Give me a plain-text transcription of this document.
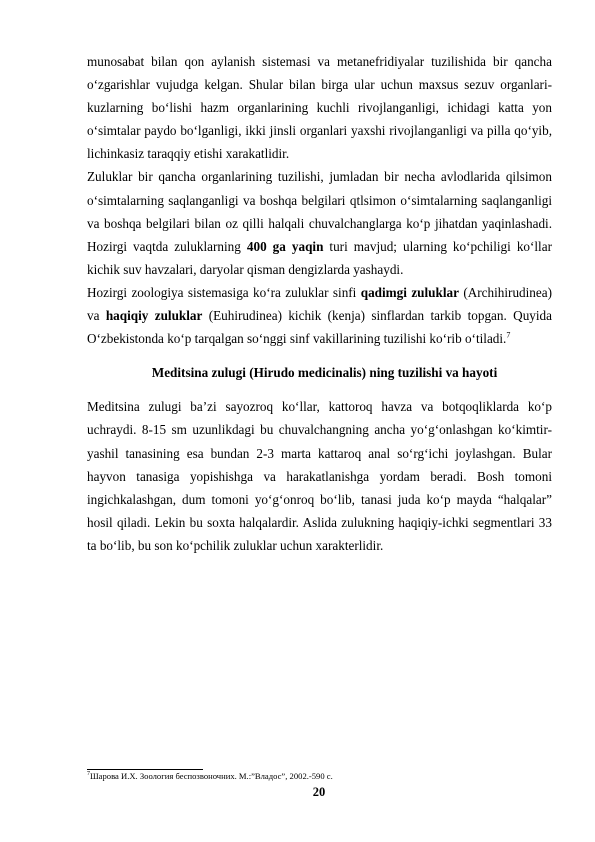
munosabat bilan qon aylanish sistemasi va metanefridiyalar tuzilishida bir qancha o‘zgarishlar vujudga kelgan. Shular bilan birga ular uchun maxsus sezuv organlari-kuzlarning bo‘lishi hazm organlarining kuchli rivojlanganligi, ichidagi katta yon o‘simtalar paydo bo‘lganligi, ikki jinsli organlari yaxshi rivojlanganligi va pilla qo‘yib, lichinkasiz taraqqiy etishi xarakatlidir.

Zuluklar bir qancha organlarining tuzilishi, jumladan bir necha avlodlarida qilsimon o‘simtalarning saqlanganligi va boshqa belgilari qtlsimon o‘simtalarning saqlanganligi va boshqa belgilari bilan oz qilli halqali chuvalchanglarga ko‘p jihatdan yaqinlashadi. Hozirgi vaqtda zuluklarning 400 ga yaqin turi mavjud; ularning ko‘pchiligi ko‘llar kichik suv havzalari, daryolar qisman dengizlarda yashaydi.

Hozirgi zoologiya sistemasiga ko‘ra zuluklar sinfi qadimgi zuluklar (Archihirudinea) va haqiqiy zuluklar (Euhirudinea) kichik (kenja) sinflardan tarkib topgan. Quyida O‘zbekistonda ko‘p tarqalgan so‘nggi sinf vakillarining tuzilishi ko‘rib o‘tiladi.$^7$

Meditsina zulugi (Hirudo medicinalis) ning tuzilishi va hayoti

Meditsina zulugi ba’zi sayozroq ko‘llar, kattoroq havza va botqoqliklarda ko‘p uchraydi. 8-15 sm uzunlikdagi bu chuvalchangning ancha yo‘g‘onlashgan ko‘kimtir-yashil tanasining esa bundan 2-3 marta kattaroq anal so‘rg‘ichi joylashgan. Bular hayvon tanasiga yopishishga va harakatlanishga yordam beradi. Bosh tomoni ingichkalashgan, dum tomoni yo‘g‘onroq bo‘lib, tanasi juda ko‘p mayda “halqalar” hosil qiladi. Lekin bu soxta halqalardir. Aslida zulukning haqiqiy-ichki segmentlari 33 ta bo‘lib, bu son ko‘pchilik zuluklar uchun xarakterlidir.

$^7$Шарова И.Х. Зоология беспозвоночних. М.:”Владос”, 2002.-590 с.
20
